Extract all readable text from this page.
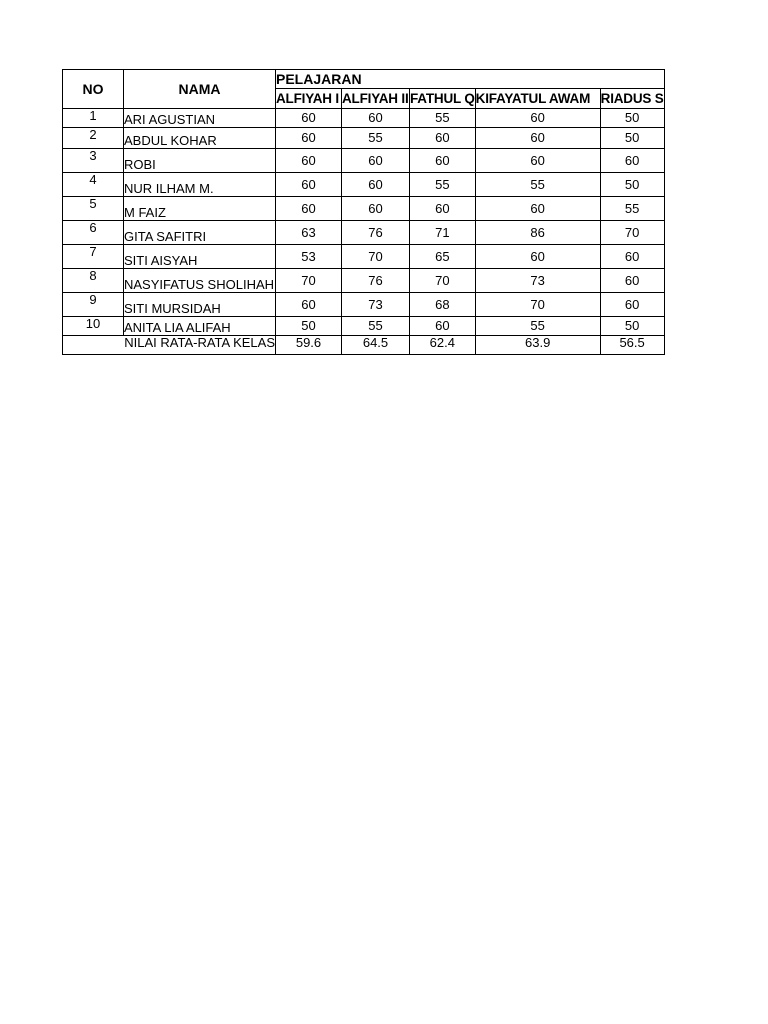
NO	NAMA	PELAJARAN				
		ALFIYAH I	ALFIYAH II	FATHUL Q	KIFAYATUL AWAM	RIADUS S
1	ARI AGUSTIAN	60	60	55	60	50
2	ABDUL KOHAR	60	55	60	60	50
3	ROBI	60	60	60	60	60
4	NUR ILHAM M.	60	60	55	55	50
5	M FAIZ	60	60	60	60	55
6	GITA SAFITRI	63	76	71	86	70
7	SITI AISYAH	53	70	65	60	60
8	NASYIFATUS SHOLIHAH	70	76	70	73	60
9	SITI MURSIDAH	60	73	68	70	60
10	ANITA LIA ALIFAH	50	55	60	55	50
NILAI RATA-RATA KELAS		59.6	64.5	62.4	63.9	56.5
